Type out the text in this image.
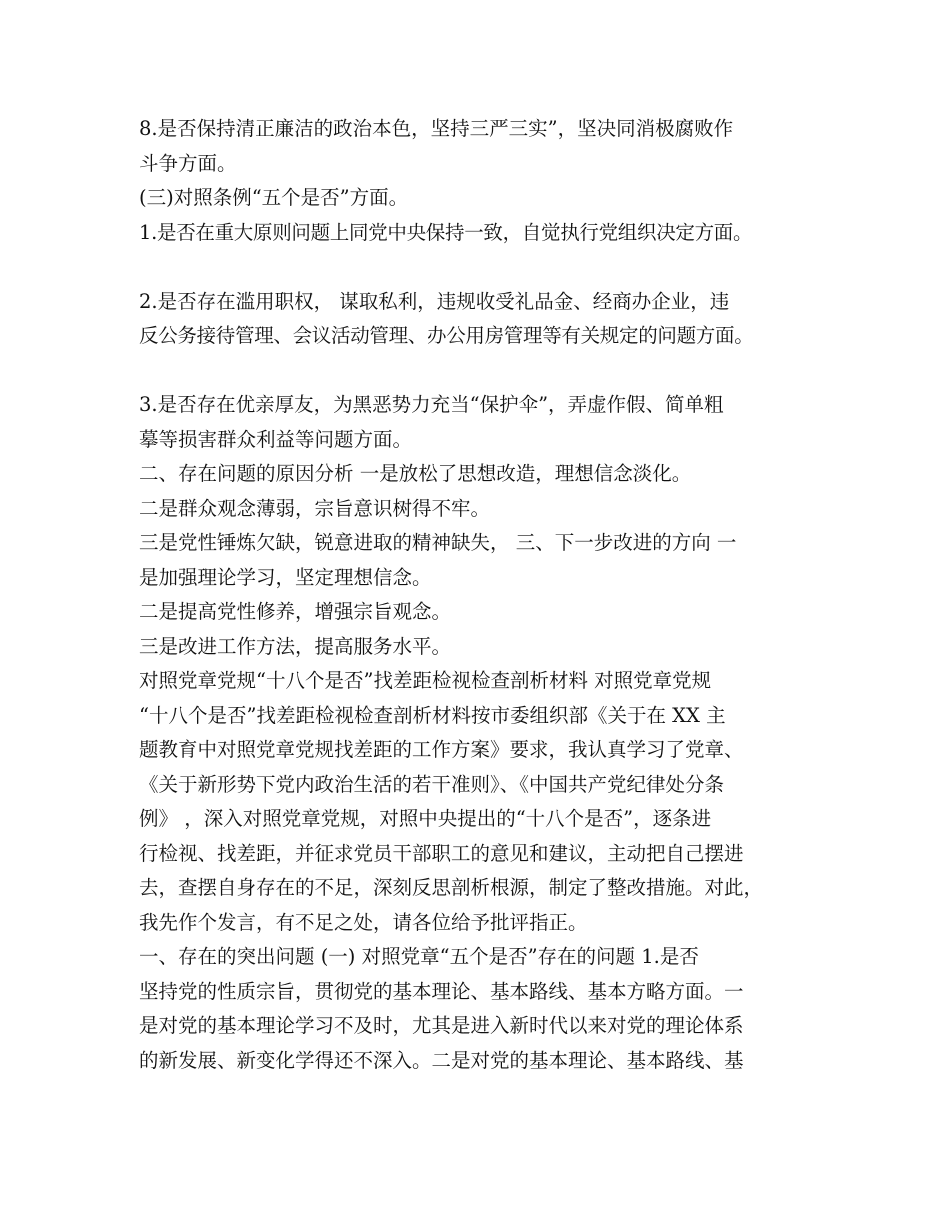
8.是否保持清正廉洁的政治本色，坚持三严三实”，坚决同消极腐败作
斗争方面。
(三)对照条例“五个是否”方面。
1.是否在重大原则问题上同党中央保持一致，自觉执行党组织决定方面。
2.是否存在滥用职权， 谋取私利，违规收受礼品金、经商办企业，违
反公务接待管理、会议活动管理、办公用房管理等有关规定的问题方面。
3.是否存在优亲厚友，为黑恶势力充当“保护伞”，弄虚作假、简单粗
摹等损害群众利益等问题方面。
二、存在问题的原因分析 一是放松了思想改造，理想信念淡化。
二是群众观念薄弱，宗旨意识树得不牢。
三是党性锤炼欠缺，锐意进取的精神缺失， 三、下一步改进的方向 一
是加强理论学习，坚定理想信念。
二是提高党性修养，增强宗旨观念。
三是改进工作方法，提高服务水平。
对照党章党规“十八个是否”找差距检视检查剖析材料 对照党章党规
“十八个是否”找差距检视检查剖析材料按市委组织部《关于在 XX 主
题教育中对照党章党规找差距的工作方案》要求，我认真学习了党章、
《关于新形势下党内政治生活的若干准则》、《中国共产党纪律处分条
例》 ，深入对照党章党规，对照中央提出的“十八个是否”，逐条进
行检视、找差距，并征求党员干部职工的意见和建议，主动把自己摆进
去，查摆自身存在的不足，深刻反思剖析根源，制定了整改措施。对此，
我先作个发言，有不足之处，请各位给予批评指正。
一、存在的突出问题 (一) 对照党章“五个是否”存在的问题 1.是否
坚持党的性质宗旨，贯彻党的基本理论、基本路线、基本方略方面。一
是对党的基本理论学习不及时，尤其是进入新时代以来对党的理论体系
的新发展、新变化学得还不深入。二是对党的基本理论、基本路线、基
